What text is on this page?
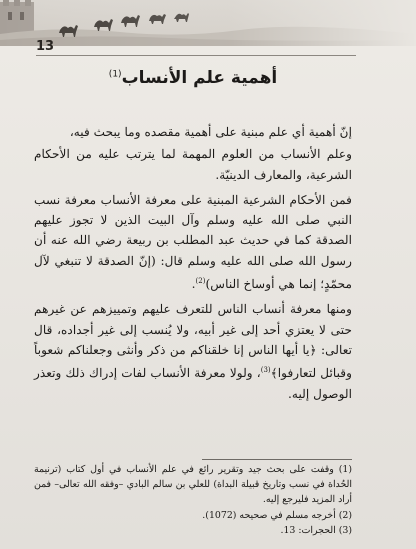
13
أهمية علم الأنساب$^{(1)}$

إنّ أهمية أي علم مبنية على أهمية مقصده وما يبحث فيه،

وعلم الأنساب من العلوم المهمة لما يترتب عليه من الأحكام الشرعية، والمعارف الدينيّة.

فمن الأحكام الشرعية المبنية على معرفة الأنساب معرفة نسب النبي صلى الله عليه وسلم وآل البيت الذين لا تجوز عليهم الصدقة كما في حديث عبد المطلب بن ربيعة رضي الله عنه أن رسول الله صلى الله عليه وسلم قال: (إنّ الصدقة لا تنبغي لآل محمّدٍ؛ إنما هي أوساخ الناس)$^{(2)}$.

ومنها معرفة أنساب الناس للتعرف عليهم وتمييزهم عن غيرهم حتى لا يعتزي أحد إلى غير أبيه، ولا يُنسب إلى غير أجداده، قال تعالى: ﴿يا أيها الناس إنا خلقناكم من ذكر وأنثى وجعلناكم شعوباً وقبائل لتعارفوا﴾$^{(3)}$، ولولا معرفة الأنساب لفات إدراك ذلك وتعذر الوصول إليه.

(1) وقفت على بحث جيد وتقرير رائع في علم الأنساب في أول كتاب (ترنيمة الحُداة في نسب وتاريخ قبيلة البداة) للعلي بن سالم البادي –وفقه الله تعالى– فمن أراد المزيد فليرجع إليه.

(2) أخرجه مسلم في صحيحه (1072).

(3) الحجرات: 13.
